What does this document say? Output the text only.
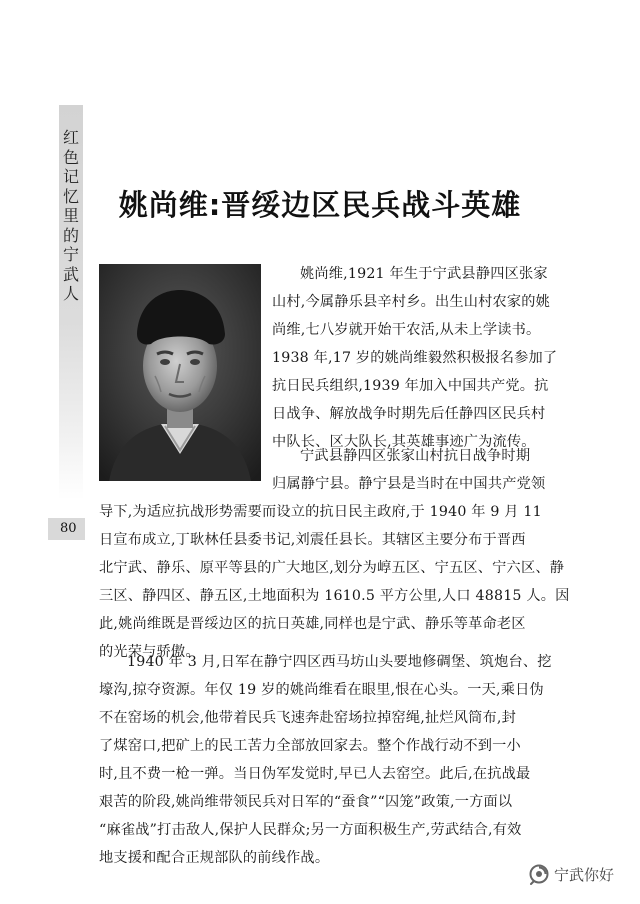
红色记忆里的宁武人
80
姚尚维:晋绥边区民兵战斗英雄
姚尚维,1921 年生于宁武县静四区张家
山村,今属静乐县辛村乡。出生山村农家的姚
尚维,七八岁就开始干农活,从未上学读书。
1938 年,17 岁的姚尚维毅然积极报名参加了
抗日民兵组织,1939 年加入中国共产党。抗
日战争、解放战争时期先后任静四区民兵村
中队长、区大队长,其英雄事迹广为流传。
宁武县静四区张家山村抗日战争时期
归属静宁县。静宁县是当时在中国共产党领
导下,为适应抗战形势需要而设立的抗日民主政府,于 1940 年 9 月 11
日宣布成立,丁耿林任县委书记,刘震任县长。其辖区主要分布于晋西
北宁武、静乐、原平等县的广大地区,划分为崞五区、宁五区、宁六区、静
三区、静四区、静五区,土地面积为 1610.5 平方公里,人口 48815 人。因
此,姚尚维既是晋绥边区的抗日英雄,同样也是宁武、静乐等革命老区
的光荣与骄傲。
1940 年 3 月,日军在静宁四区西马坊山头要地修碉堡、筑炮台、挖
壕沟,掠夺资源。年仅 19 岁的姚尚维看在眼里,恨在心头。一天,乘日伪
不在窑场的机会,他带着民兵飞速奔赴窑场拉掉窑绳,扯烂风筒布,封
了煤窑口,把矿上的民工苦力全部放回家去。整个作战行动不到一小
时,且不费一枪一弹。当日伪军发觉时,早已人去窑空。此后,在抗战最
艰苦的阶段,姚尚维带领民兵对日军的“蚕食”“囚笼”政策,一方面以
“麻雀战”打击敌人,保护人民群众;另一方面积极生产,劳武结合,有效
地支援和配合正规部队的前线作战。
宁武你好
